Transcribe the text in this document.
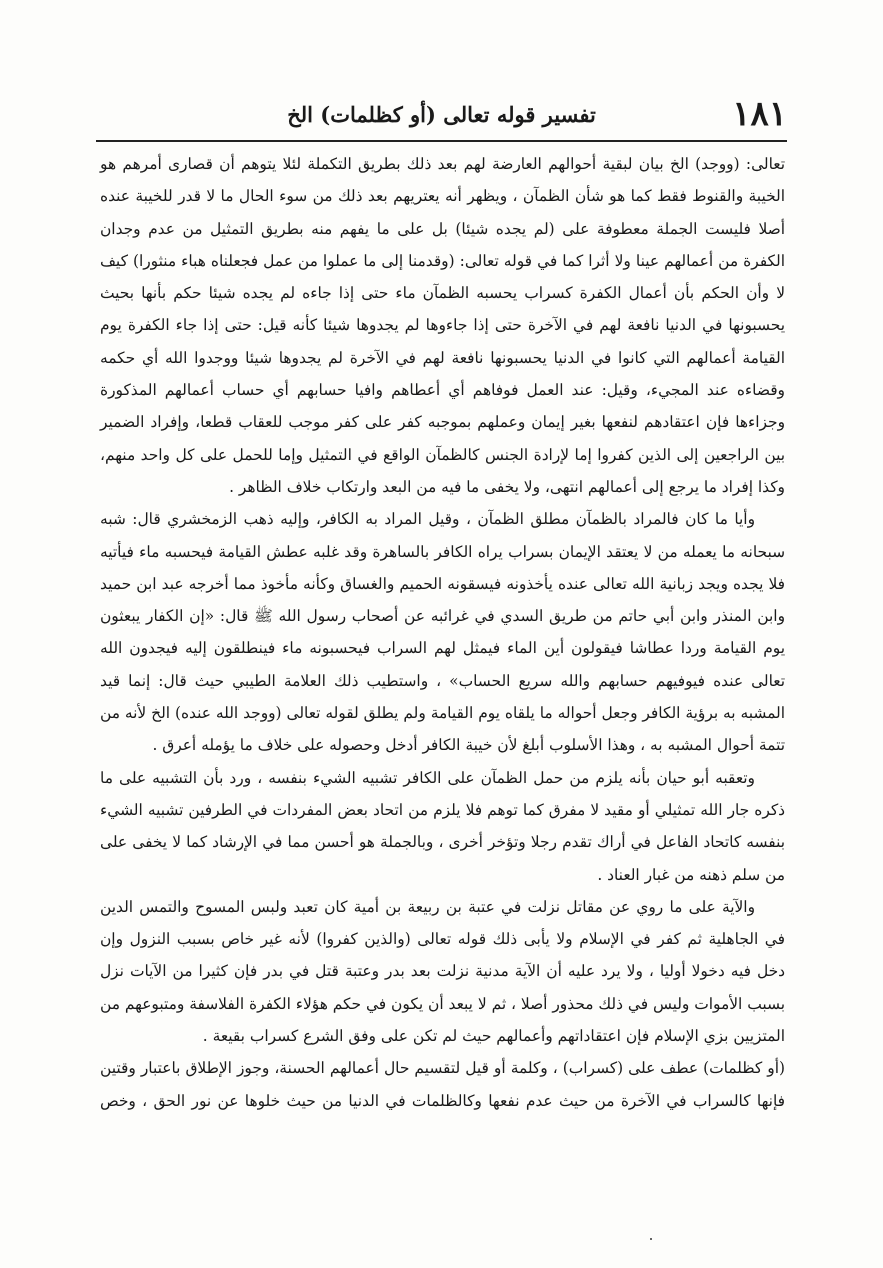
١٨١
تفسير قوله تعالى (أو كظلمات) الخ

تعالى: (ووجد) الخ بيان لبقية أحوالهم العارضة لهم بعد ذلك بطريق التكملة لئلا يتوهم أن قصارى أمرهم هو الخيبة والقنوط فقط كما هو شأن الظمآن ، ويظهر أنه يعتريهم بعد ذلك من سوء الحال ما لا قدر للخيبة عنده أصلا فليست الجملة معطوفة على (لم يجده شيئا) بل على ما يفهم منه بطريق التمثيل من عدم وجدان الكفرة من أعمالهم عينا ولا أثرا كما في قوله تعالى: (وقدمنا إلى ما عملوا من عمل فجعلناه هباء منثورا) كيف لا وأن الحكم بأن أعمال الكفرة كسراب يحسبه الظمآن ماء حتى إذا جاءه لم يجده شيئا حكم بأنها بحيث يحسبونها في الدنيا نافعة لهم في الآخرة حتى إذا جاءوها لم يجدوها شيئا كأنه قيل: حتى إذا جاء الكفرة يوم القيامة أعمالهم التي كانوا في الدنيا يحسبونها نافعة لهم في الآخرة لم يجدوها شيئا ووجدوا الله أي حكمه وقضاءه عند المجيء، وقيل: عند العمل فوفاهم أي أعطاهم وافيا حسابهم أي حساب أعمالهم المذكورة وجزاءها فإن اعتقادهم لنفعها بغير إيمان وعملهم بموجبه كفر على كفر موجب للعقاب قطعا، وإفراد الضمير بين الراجعين إلى الذين كفروا إما لإرادة الجنس كالظمآن الواقع في التمثيل وإما للحمل على كل واحد منهم، وكذا إفراد ما يرجع إلى أعمالهم انتهى، ولا يخفى ما فيه من البعد وارتكاب خلاف الظاهر .

وأيا ما كان فالمراد بالظمآن مطلق الظمآن ، وقيل المراد به الكافر، وإليه ذهب الزمخشري قال: شبه سبحانه ما يعمله من لا يعتقد الإيمان بسراب يراه الكافر بالساهرة وقد غلبه عطش القيامة فيحسبه ماء فيأتيه فلا يجده ويجد زبانية الله تعالى عنده يأخذونه فيسقونه الحميم والغساق وكأنه مأخوذ مما أخرجه عبد ابن حميد وابن المنذر وابن أبي حاتم من طريق السدي في غرائبه عن أصحاب رسول الله ﷺ قال: «إن الكفار يبعثون يوم القيامة وردا عطاشا فيقولون أين الماء فيمثل لهم السراب فيحسبونه ماء فينطلقون إليه فيجدون الله تعالى عنده فيوفيهم حسابهم والله سريع الحساب» ، واستطيب ذلك العلامة الطيبي حيث قال: إنما قيد المشبه به برؤية الكافر وجعل أحواله ما يلقاه يوم القيامة ولم يطلق لقوله تعالى (ووجد الله عنده) الخ لأنه من تتمة أحوال المشبه به ، وهذا الأسلوب أبلغ لأن خيبة الكافر أدخل وحصوله على خلاف ما يؤمله أعرق .

وتعقبه أبو حيان بأنه يلزم من حمل الظمآن على الكافر تشبيه الشيء بنفسه ، ورد بأن التشبيه على ما ذكره جار الله تمثيلي أو مقيد لا مفرق كما توهم فلا يلزم من اتحاد بعض المفردات في الطرفين تشبيه الشيء بنفسه كاتحاد الفاعل في أراك تقدم رجلا وتؤخر أخرى ، وبالجملة هو أحسن مما في الإرشاد كما لا يخفى على من سلم ذهنه من غبار العناد .

والآية على ما روي عن مقاتل نزلت في عتبة بن ربيعة بن أمية كان تعبد ولبس المسوح والتمس الدين في الجاهلية ثم كفر في الإسلام ولا يأبى ذلك قوله تعالى (والذين كفروا) لأنه غير خاص بسبب النزول وإن دخل فيه دخولا أوليا ، ولا يرد عليه أن الآية مدنية نزلت بعد بدر وعتبة قتل في بدر فإن كثيرا من الآيات نزل بسبب الأموات وليس في ذلك محذور أصلا ، ثم لا يبعد أن يكون في حكم هؤلاء الكفرة الفلاسفة ومتبوعهم من المتزيين بزي الإسلام فإن اعتقاداتهم وأعمالهم حيث لم تكن على وفق الشرع كسراب بقيعة .

(أو كظلمات) عطف على (كسراب) ، وكلمة أو قيل لتقسيم حال أعمالهم الحسنة، وجوز الإطلاق باعتبار وقتين فإنها كالسراب في الآخرة من حيث عدم نفعها وكالظلمات في الدنيا من حيث خلوها عن نور الحق ، وخص
